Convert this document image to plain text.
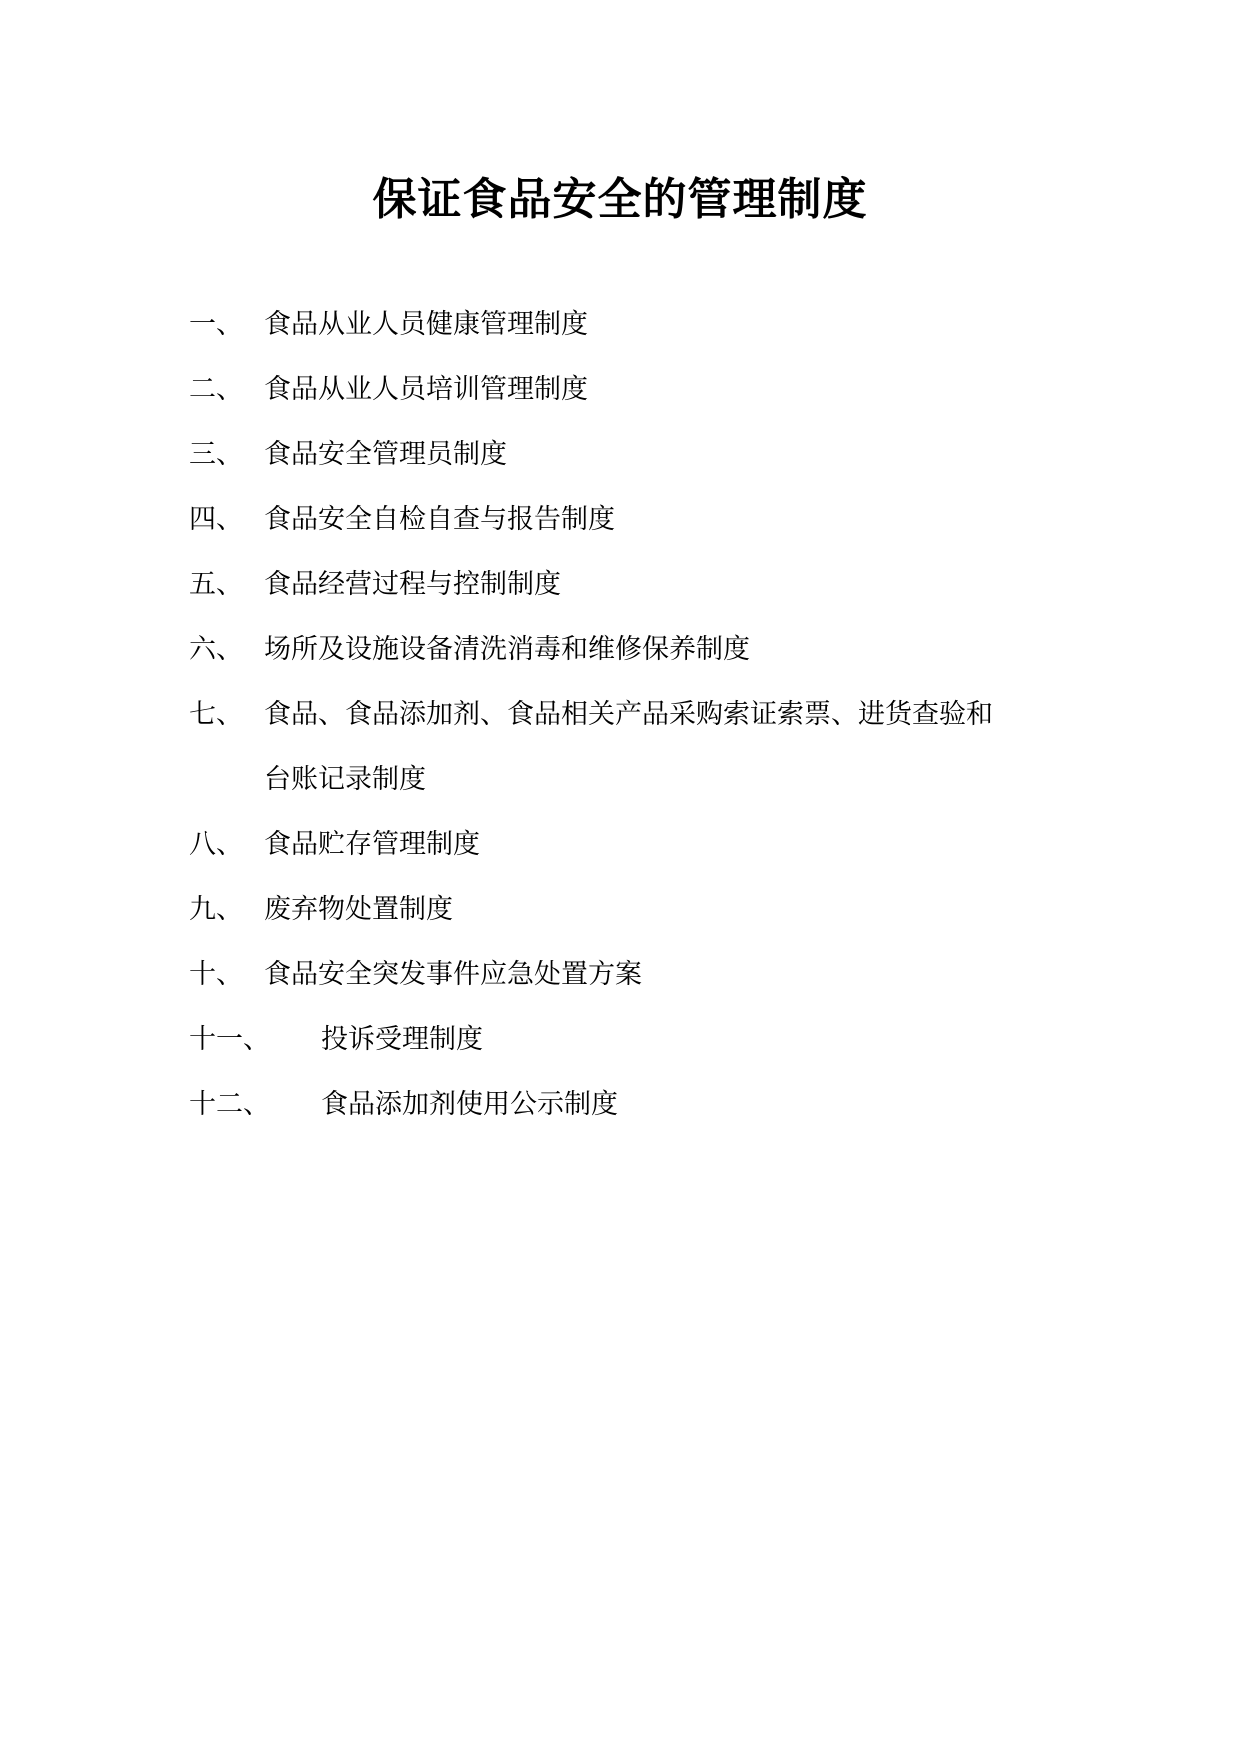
保证食品安全的管理制度
一、 食品从业人员健康管理制度
二、 食品从业人员培训管理制度
三、 食品安全管理员制度
四、 食品安全自检自查与报告制度
五、 食品经营过程与控制制度
六、 场所及设施设备清洗消毒和维修保养制度
七、 食品、食品添加剂、食品相关产品采购索证索票、进货查验和
台账记录制度
八、 食品贮存管理制度
九、 废弃物处置制度
十、 食品安全突发事件应急处置方案
十一、 投诉受理制度
十二、 食品添加剂使用公示制度
